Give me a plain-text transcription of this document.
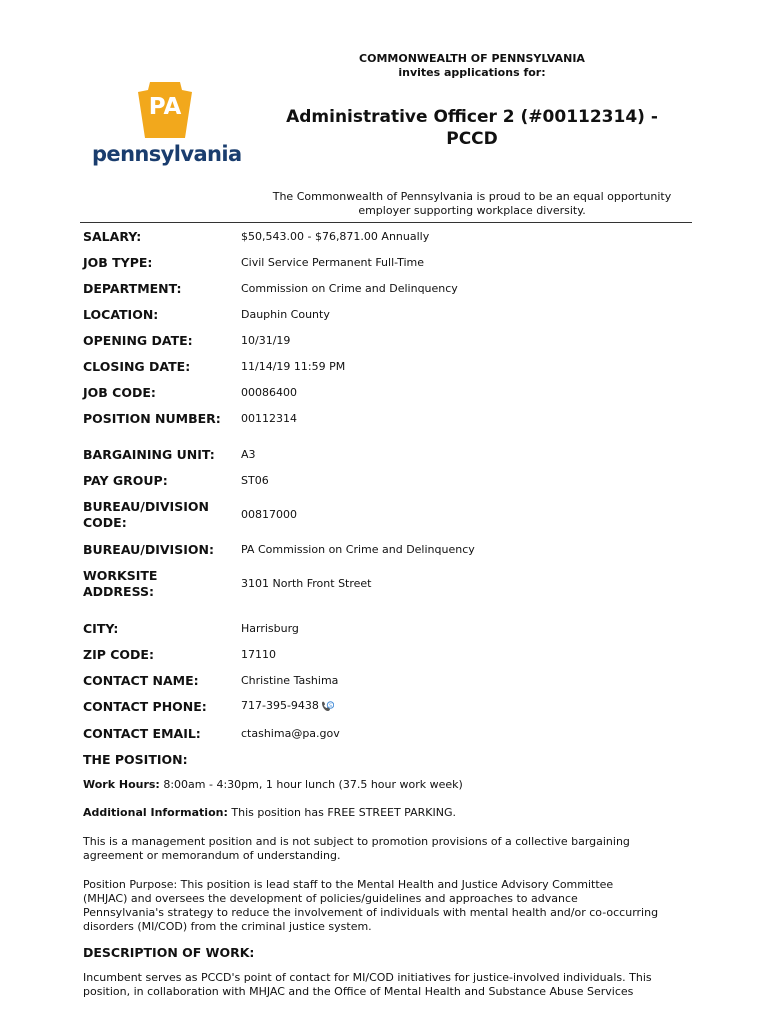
PA
pennsylvania
COMMONWEALTH OF PENNSYLVANIA
invites applications for:
Administrative Officer 2 (#00112314) -
PCCD
The Commonwealth of Pennsylvania is proud to be an equal opportunity
employer supporting workplace diversity.
SALARY:	$50,543.00 - $76,871.00 Annually
JOB TYPE:	Civil Service Permanent Full-Time
DEPARTMENT:	Commission on Crime and Delinquency
LOCATION:	Dauphin County
OPENING DATE:	10/31/19
CLOSING DATE:	11/14/19 11:59 PM
JOB CODE:	00086400
POSITION NUMBER:	00112314
BARGAINING UNIT:	A3
PAY GROUP:	ST06
BUREAU/DIVISION
CODE:
00817000
BUREAU/DIVISION:	PA Commission on Crime and Delinquency
WORKSITE
ADDRESS:
3101 North Front Street
CITY:	Harrisburg
ZIP CODE:	17110
CONTACT NAME:	Christine Tashima
CONTACT PHONE:	717-395-9438 S
CONTACT EMAIL:	ctashima@pa.gov
THE POSITION:
Work Hours: 8:00am - 4:30pm, 1 hour lunch (37.5 hour work week)
Additional Information: This position has FREE STREET PARKING.
This is a management position and is not subject to promotion provisions of a collective bargaining
agreement or memorandum of understanding.
Position Purpose: This position is lead staff to the Mental Health and Justice Advisory Committee
(MHJAC) and oversees the development of policies/guidelines and approaches to advance
Pennsylvania's strategy to reduce the involvement of individuals with mental health and/or co-occurring
disorders (MI/COD) from the criminal justice system.
DESCRIPTION OF WORK:
Incumbent serves as PCCD's point of contact for MI/COD initiatives for justice-involved individuals. This
position, in collaboration with MHJAC and the Office of Mental Health and Substance Abuse Services
